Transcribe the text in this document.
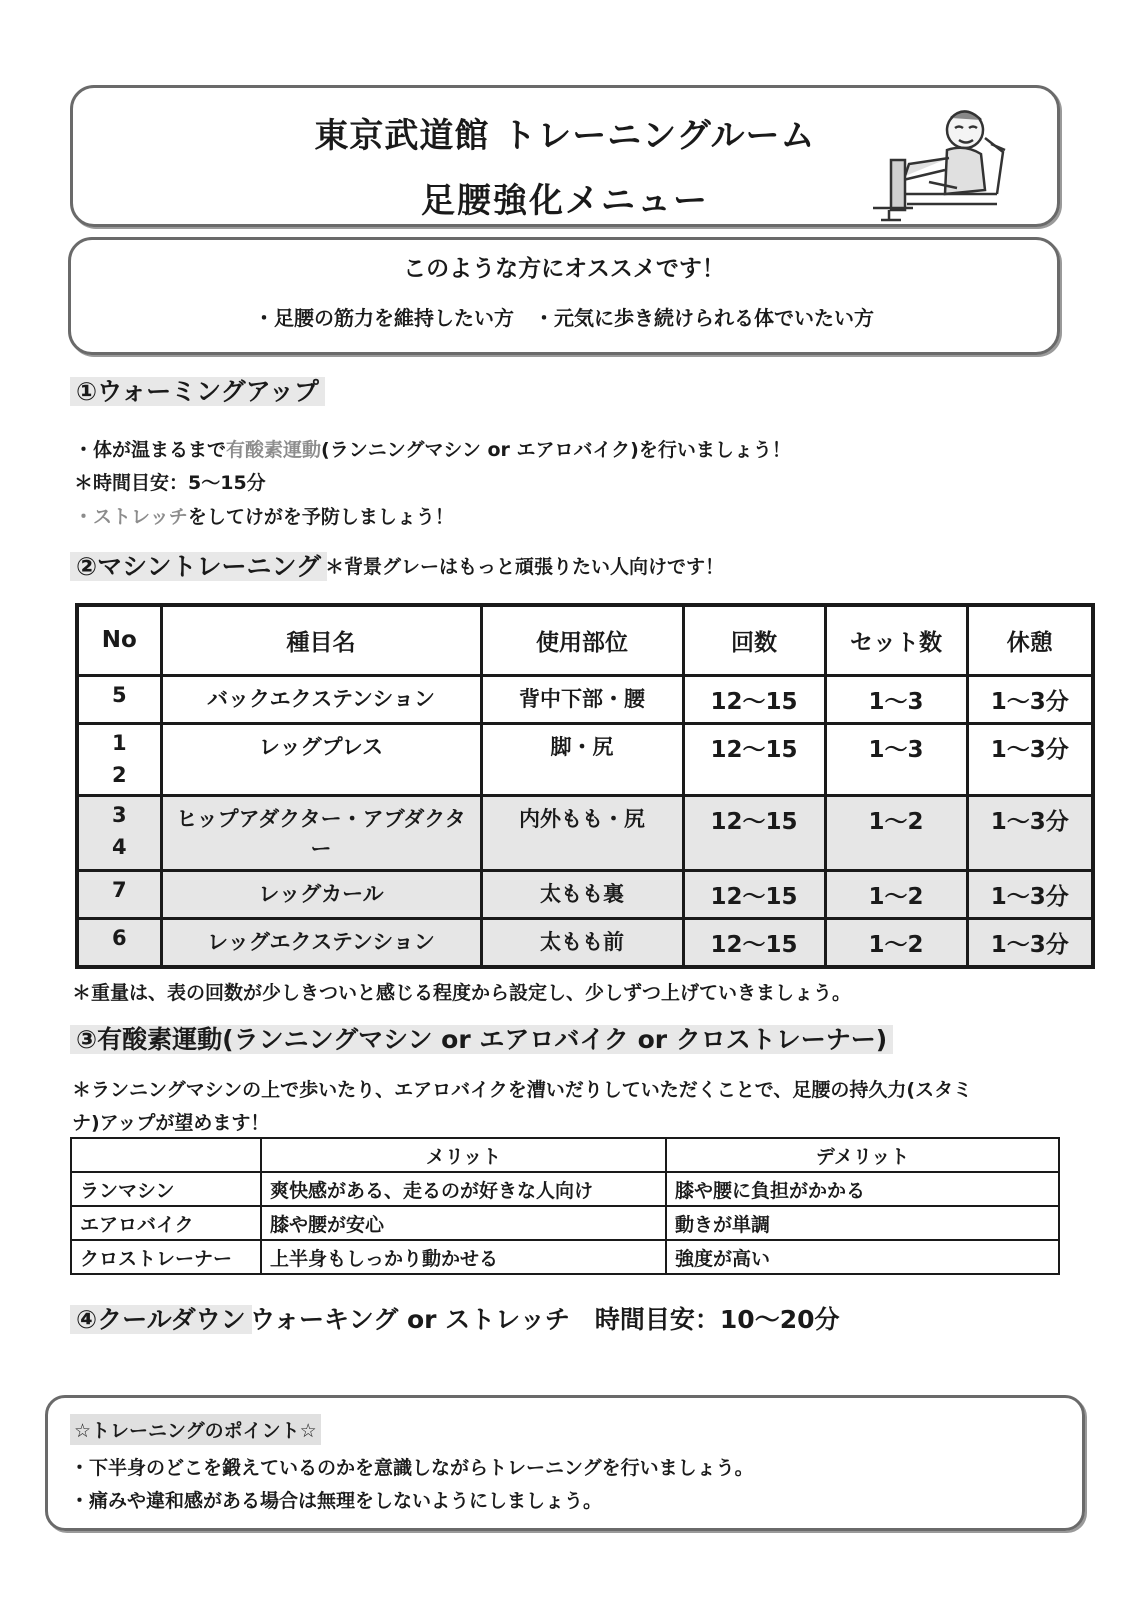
東京武道館 トレーニングルーム
足腰強化メニュー
このような方にオススメです！
・足腰の筋力を維持したい方　・元気に歩き続けられる体でいたい方
①ウォーミングアップ
・体が温まるまで有酸素運動(ランニングマシン or エアロバイク)を行いましょう！
＊時間目安：5～15分
・ストレッチをしてけがを予防しましょう！
②マシントレーニング ＊背景グレーはもっと頑張りたい人向けです！
No	種目名	使用部位	回数	セット数	休憩
5	バックエクステンション	背中下部・腰	12～15	1～3	1～3分

1
2	レッグプレス	脚・尻	12～15	1～3	1～3分

3
4	ヒップアダクター・アブダクター	内外もも・尻	12～15	1～2	1～3分
7	レッグカール	太もも裏	12～15	1～2	1～3分
6	レッグエクステンション	太もも前	12～15	1～2	1～3分
＊重量は、表の回数が少しきついと感じる程度から設定し、少しずつ上げていきましょう。
③有酸素運動(ランニングマシン or エアロバイク or クロストレーナー)
＊ランニングマシンの上で歩いたり、エアロバイクを漕いだりしていただくことで、足腰の持久力(スタミ
ナ)アップが望めます！
	メリット	デメリット
ランマシン	爽快感がある、走るのが好きな人向け	膝や腰に負担がかかる
エアロバイク	膝や腰が安心	動きが単調
クロストレーナー	上半身もしっかり動かせる	強度が高い
④クールダウン ウォーキング or ストレッチ　時間目安：10～20分
☆トレーニングのポイント☆
・下半身のどこを鍛えているのかを意識しながらトレーニングを行いましょう。
・痛みや違和感がある場合は無理をしないようにしましょう。
